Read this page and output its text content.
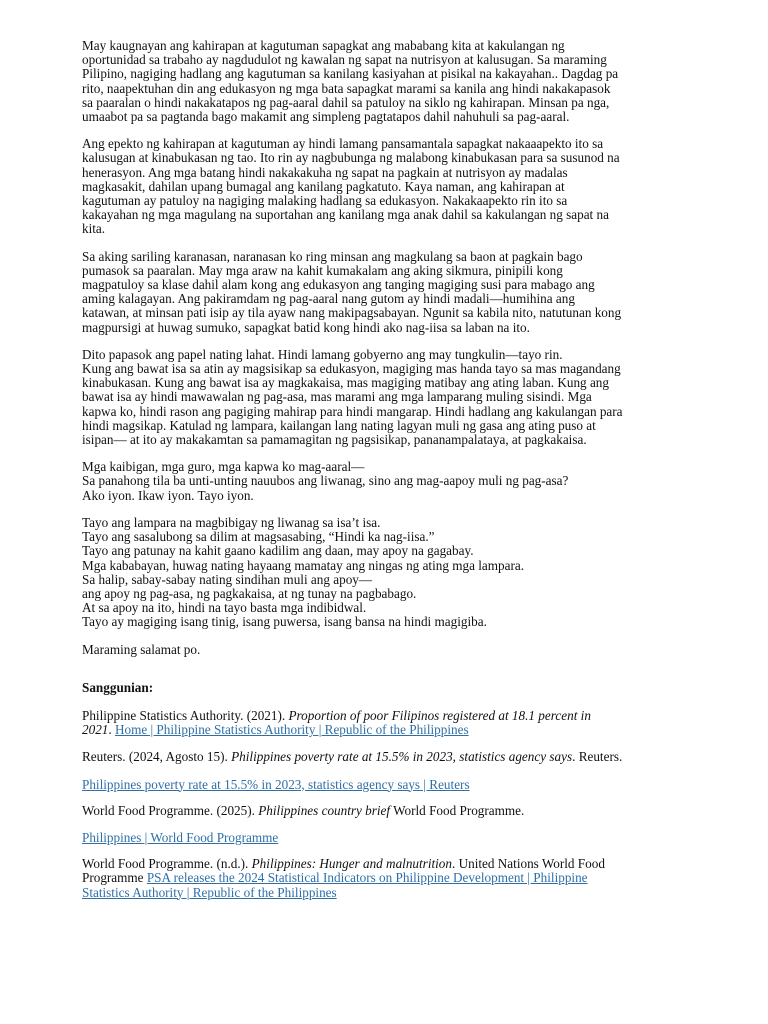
May kaugnayan ang kahirapan at kagutuman sapagkat ang mababang kita at kakulangan ng
oportunidad sa trabaho ay nagdudulot ng kawalan ng sapat na nutrisyon at kalusugan. Sa maraming
Pilipino, nagiging hadlang ang kagutuman sa kanilang kasiyahan at pisikal na kakayahan.. Dagdag pa
rito, naapektuhan din ang edukasyon ng mga bata sapagkat marami sa kanila ang hindi nakakapasok
sa paaralan o hindi nakakatapos ng pag-aaral dahil sa patuloy na siklo ng kahirapan. Minsan pa nga,
umaabot pa sa pagtanda bago makamit ang simpleng pagtatapos dahil nahuhuli sa pag-aaral.

Ang epekto ng kahirapan at kagutuman ay hindi lamang pansamantala sapagkat nakaaapekto ito sa
kalusugan at kinabukasan ng tao. Ito rin ay nagbubunga ng malabong kinabukasan para sa susunod na
henerasyon. Ang mga batang hindi nakakakuha ng sapat na pagkain at nutrisyon ay madalas
magkasakit, dahilan upang bumagal ang kanilang pagkatuto. Kaya naman, ang kahirapan at
kagutuman ay patuloy na nagiging malaking hadlang sa edukasyon. Nakakaapekto rin ito sa
kakayahan ng mga magulang na suportahan ang kanilang mga anak dahil sa kakulangan ng sapat na
kita.

Sa aking sariling karanasan, naranasan ko ring minsan ang magkulang sa baon at pagkain bago
pumasok sa paaralan. May mga araw na kahit kumakalam ang aking sikmura, pinipili kong
magpatuloy sa klase dahil alam kong ang edukasyon ang tanging magiging susi para mabago ang
aming kalagayan. Ang pakiramdam ng pag-aaral nang gutom ay hindi madali—humihina ang
katawan, at minsan pati isip ay tila ayaw nang makipagsabayan. Ngunit sa kabila nito, natutunan kong
magpursigi at huwag sumuko, sapagkat batid kong hindi ako nag-iisa sa laban na ito.

Dito papasok ang papel nating lahat. Hindi lamang gobyerno ang may tungkulin—tayo rin.
Kung ang bawat isa sa atin ay magsisikap sa edukasyon, magiging mas handa tayo sa mas magandang
kinabukasan. Kung ang bawat isa ay magkakaisa, mas magiging matibay ang ating laban. Kung ang
bawat isa ay hindi mawawalan ng pag-asa, mas marami ang mga lamparang muling sisindi. Mga
kapwa ko, hindi rason ang pagiging mahirap para hindi mangarap. Hindi hadlang ang kakulangan para
hindi magsikap. Katulad ng lampara, kailangan lang nating lagyan muli ng gasa ang ating puso at
isipan— at ito ay makakamtan sa pamamagitan ng pagsisikap, pananampalataya, at pagkakaisa.

Mga kaibigan, mga guro, mga kapwa ko mag-aaral—
Sa panahong tila ba unti-unting nauubos ang liwanag, sino ang mag-aapoy muli ng pag-asa?
Ako iyon. Ikaw iyon. Tayo iyon.

Tayo ang lampara na magbibigay ng liwanag sa isa’t isa.
Tayo ang sasalubong sa dilim at magsasabing, “Hindi ka nag-iisa.”
Tayo ang patunay na kahit gaano kadilim ang daan, may apoy na gagabay.
Mga kababayan, huwag nating hayaang mamatay ang ningas ng ating mga lampara.
Sa halip, sabay-sabay nating sindihan muli ang apoy—
ang apoy ng pag-asa, ng pagkakaisa, at ng tunay na pagbabago.
At sa apoy na ito, hindi na tayo basta mga indibidwal.
Tayo ay magiging isang tinig, isang puwersa, isang bansa na hindi magigiba.

Maraming salamat po.

Sanggunian:

Philippine Statistics Authority. (2021). Proportion of poor Filipinos registered at 18.1 percent in
2021. Home | Philippine Statistics Authority | Republic of the Philippines
Reuters. (2024, Agosto 15). Philippines poverty rate at 15.5% in 2023, statistics agency says. Reuters.
Philippines poverty rate at 15.5% in 2023, statistics agency says | Reuters
World Food Programme. (2025). Philippines country brief World Food Programme.
Philippines | World Food Programme
World Food Programme. (n.d.). Philippines: Hunger and malnutrition. United Nations World Food
Programme PSA releases the 2024 Statistical Indicators on Philippine Development | Philippine
Statistics Authority | Republic of the Philippines
